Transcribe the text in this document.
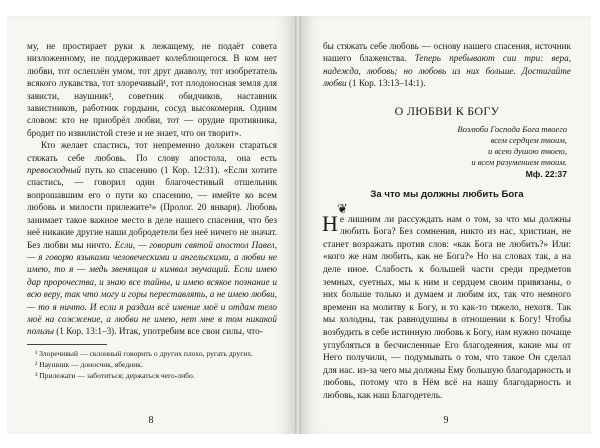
му, не простирает руки к лежащему, не подаёт совета низложенному, не поддерживает колеблющегося. В ком нет любви, тот ослеплён умом, тот друг диаволу, тот изобретатель всякого лукавства, тот злоречивый¹, тот плодоносная земля для зависти, наушник², советник обидчиков, наставник завистников, работник гордыни, сосуд высокомерия. Одним словом: кто не приобрёл любви, тот — орудие противника, бродит по извилистой стезе и не знает, что он творит».

Кто желает спастись, тот непременно должен стараться стяжать себе любовь. По слову апостола, она есть превосходный путь ко спасению (1 Кор. 12:31). «Если хотите спастись, — говорил один благочестивый отшельник вопрошавшим его о пути ко спасению, — имейте ко всем любовь и милости прилежите³» (Пролог. 20 января). Любовь занимает такое важное место в деле нашего спасения, что без неё никакие другие наши добродетели без неё ничего не значат. Без любви мы ничто. Если, — говорит святой апостол Павел, — я говорю языками человеческими и ангельскими, а любви не имею, то я — медь звенящая и кимвал звучащий. Если имею дар пророчества, и знаю все тайны, и имею всякое познание и всю веру, так что могу и горы переставлять, а не имею любви, — то я ничто. И если я раздам всё имение моё и отдам тело моё на сожжение, а любви не имею, нет мне в том никакой пользы (1 Кор. 13:1–3). Итак, употребим все свои силы, что-

¹ Злоречивый — склонный говорить о других плохо, ругать других.

² Наушник — доносчик, ябедник.

³ Прилежати — заботиться; держаться чего-либо.

8

бы стяжать себе любовь — основу нашего спасения, источник нашего блаженства. Теперь пребывают сии три: вера, надежда, любовь; но любовь из них больше. Достигайте любви (1 Кор. 13:13–14:1).

О ЛЮБВИ К БОГУ
Возлюби Господа Бога твоего
всем сердцем твоим,
и всею душою твоею,
и всем разумением твоим.
Мф. 22:37
За что мы должны любить Бога
❦

Не лишним ли рассуждать нам о том, за что мы должны любить Бога? Без сомнения, никто из нас, христиан, не станет возражать против слов: «как Бога не любить?» Или: «кого же нам любить, как не Бога?» Но на словах так, а на деле иное. Слабость к большей части среди предметов земных, суетных, мы к ним и сердцем своим привязаны, о них больше только и думаем и любим их, так что немного времени на молитву к Богу, и то как-то тяжело, нехотя. Так мы холодны, так равнодушны в отношении к Богу! Чтобы возбудить в себе истинную любовь к Богу, нам нужно почаще углубляться в бесчисленные Его благодеяния, какие мы от Него получили, — подумывать о том, что такое Он сделал для нас. из-за чего мы должны Ему большую благодарность и любовь, потому что в Нём всё на нашу благодарность и любовь, как наш Благодетель.

9
